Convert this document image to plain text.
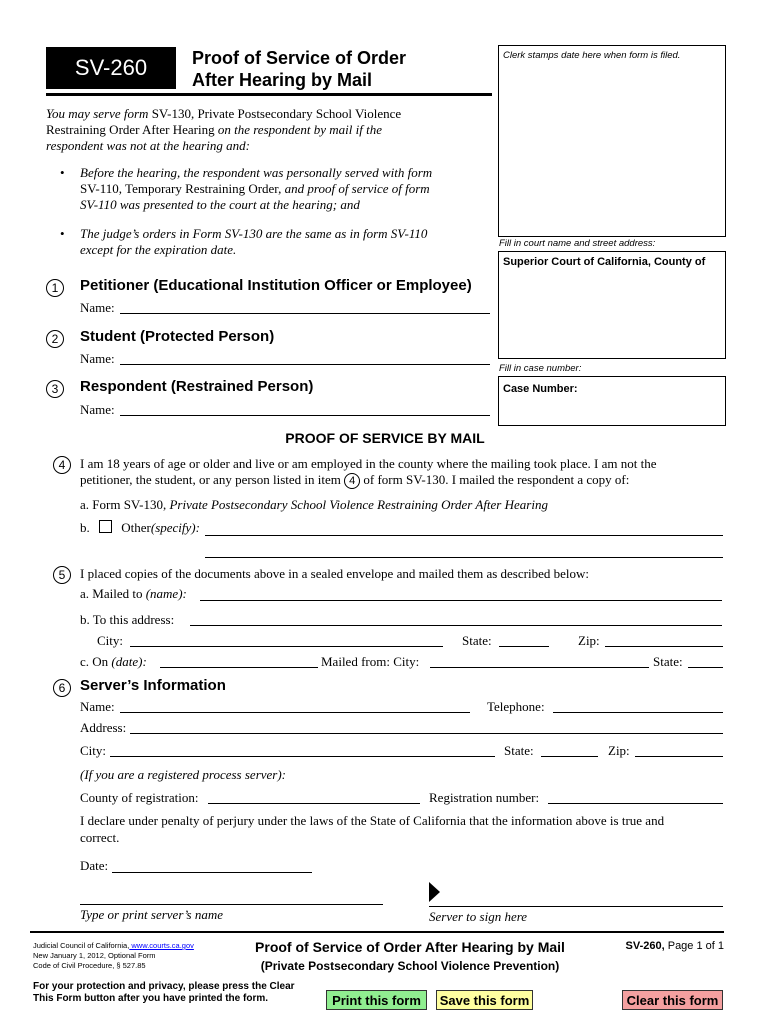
SV-260	Proof of Service of Order
After Hearing by Mail
Clerk stamps date here when form is filed.
You may serve form SV-130, Private Postsecondary School Violence
Restraining Order After Hearing on the respondent by mail if the
respondent was not at the hearing and:
• Before the hearing, the respondent was personally served with form
SV-110, Temporary Restraining Order, and proof of service of form
SV-110 was presented to the court at the hearing; and
• The judge’s orders in Form SV-130 are the same as in form SV-110
except for the expiration date.	Fill in court name and street address:
Superior Court of California, County of
Fill in case number:
Case Number:
1	Petitioner (Educational Institution Officer or Employee)
Name:
2	Student (Protected Person)
Name:
3	Respondent (Restrained Person)
Name:
PROOF OF SERVICE BY MAIL
4	I am 18 years of age or older and live or am employed in the county where the mailing took place. I am not the
petitioner, the student, or any person listed in item 4 of form SV-130. I mailed the respondent a copy of:
a. Form SV-130, Private Postsecondary School Violence Restraining Order After Hearing
b. Other(specify):
5	I placed copies of the documents above in a sealed envelope and mailed them as described below:
a. Mailed to (name):
b. To this address:
City:	State:	Zip:
c. On (date):	Mailed from: City:	State:
6 Server’s Information
Name:	Telephone:
Address:
City:	State:	Zip:
(If you are a registered process server):
County of registration:	Registration number:
I declare under penalty of perjury under the laws of the State of California that the information above is true and
correct.
Date:
Type or print server’s name	Server to sign here
Judicial Council of California, www.courts.ca.gov
New January 1, 2012, Optional Form
Code of Civil Procedure, § 527.85
Proof of Service of Order After Hearing by Mail
(Private Postsecondary School Violence Prevention)
SV-260, Page 1 of 1
For your protection and privacy, please press the Clear
This Form button after you have printed the form.	Print this form	Save this form	Clear this form
